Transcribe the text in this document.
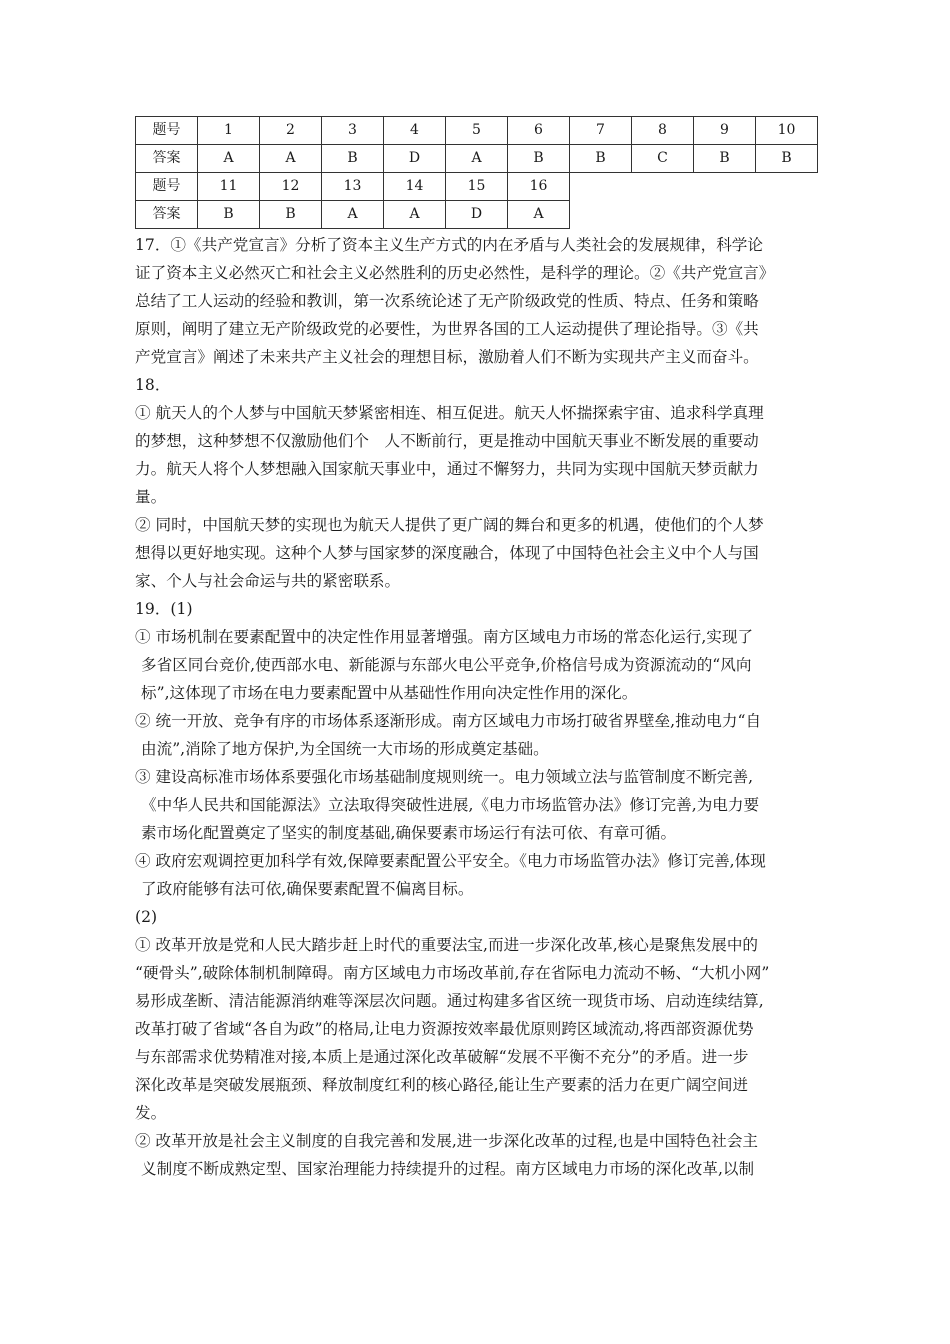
题号	1	2	3	4	5	6	7	8	9	10
答案	A	A	B	D	A	B	B	C	B	B
题号	11	12	13	14	15	16				
答案	B	B	A	A	D	A				

17．①《共产党宣言》分析了资本主义生产方式的内在矛盾与人类社会的发展规律，科学论

证了资本主义必然灭亡和社会主义必然胜利的历史必然性，是科学的理论。②《共产党宣言》

总结了工人运动的经验和教训，第一次系统论述了无产阶级政党的性质、特点、任务和策略

原则，阐明了建立无产阶级政党的必要性，为世界各国的工人运动提供了理论指导。③《共

产党宣言》阐述了未来共产主义社会的理想目标，激励着人们不断为实现共产主义而奋斗。

18．

① 航天人的个人梦与中国航天梦紧密相连、相互促进。航天人怀揣探索宇宙、追求科学真理

的梦想，这种梦想不仅激励他们个　人不断前行，更是推动中国航天事业不断发展的重要动

力。航天人将个人梦想融入国家航天事业中，通过不懈努力，共同为实现中国航天梦贡献力

量。

② 同时，中国航天梦的实现也为航天人提供了更广阔的舞台和更多的机遇，使他们的个人梦

想得以更好地实现。这种个人梦与国家梦的深度融合，体现了中国特色社会主义中个人与国

家、个人与社会命运与共的紧密联系。

19．(1)

① 市场机制在要素配置中的决定性作用显著增强。南方区域电力市场的常态化运行,实现了

多省区同台竞价,使西部水电、新能源与东部火电公平竞争,价格信号成为资源流动的“风向

标”,这体现了市场在电力要素配置中从基础性作用向决定性作用的深化。

② 统一开放、竞争有序的市场体系逐渐形成。南方区域电力市场打破省界壁垒,推动电力“自

由流”,消除了地方保护,为全国统一大市场的形成奠定基础。

③ 建设高标准市场体系要强化市场基础制度规则统一。电力领域立法与监管制度不断完善,

《中华人民共和国能源法》立法取得突破性进展,《电力市场监管办法》修订完善,为电力要

素市场化配置奠定了坚实的制度基础,确保要素市场运行有法可依、有章可循。

④ 政府宏观调控更加科学有效,保障要素配置公平安全。《电力市场监管办法》修订完善,体现

了政府能够有法可依,确保要素配置不偏离目标。

(2)

① 改革开放是党和人民大踏步赶上时代的重要法宝,而进一步深化改革,核心是聚焦发展中的

“硬骨头”,破除体制机制障碍。南方区域电力市场改革前,存在省际电力流动不畅、“大机小网”

易形成垄断、清洁能源消纳难等深层次问题。通过构建多省区统一现货市场、启动连续结算,

改革打破了省域“各自为政”的格局,让电力资源按效率最优原则跨区域流动,将西部资源优势

与东部需求优势精准对接,本质上是通过深化改革破解“发展不平衡不充分”的矛盾。进一步

深化改革是突破发展瓶颈、释放制度红利的核心路径,能让生产要素的活力在更广阔空间迸

发。

② 改革开放是社会主义制度的自我完善和发展,进一步深化改革的过程,也是中国特色社会主

义制度不断成熟定型、国家治理能力持续提升的过程。南方区域电力市场的深化改革,以制
